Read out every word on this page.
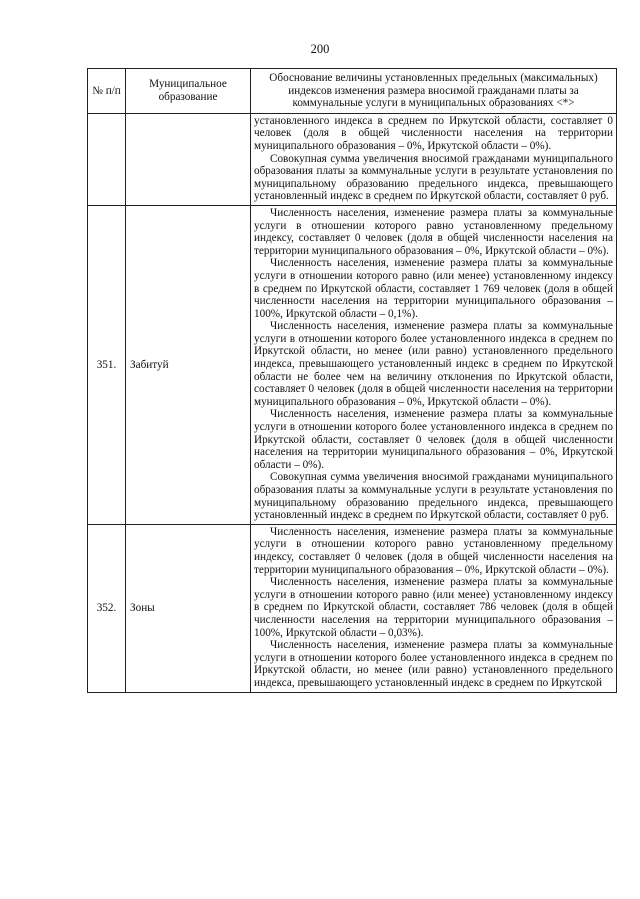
200
№ п/п	Муниципальное образование	Обоснование величины установленных предельных (максимальных) индексов изменения размера вносимой гражданами платы за коммунальные услуги в муниципальных образованиях <*>

		установленного индекса в среднем по Иркутской области, составляет 0 человек (доля в общей численности населения на территории муниципального образования – 0%, Иркутской области – 0%).

Совокупная сумма увеличения вносимой гражданами муниципального образования платы за коммунальные услуги в результате установления по муниципальному образованию предельного индекса, превышающего установленный индекс в среднем по Иркутской области, составляет 0 руб.

351.	Забитуй	Численность населения, изменение размера платы за коммунальные услуги в отношении которого равно установленному предельному индексу, составляет 0 человек (доля в общей численности населения на территории муниципального образования – 0%, Иркутской области – 0%).

Численность населения, изменение размера платы за коммунальные услуги в отношении которого равно (или менее) установленному индексу в среднем по Иркутской области, составляет 1 769 человек (доля в общей численности населения на территории муниципального образования – 100%, Иркутской области – 0,1%).

Численность населения, изменение размера платы за коммунальные услуги в отношении которого более установленного индекса в среднем по Иркутской области, но менее (или равно) установленного предельного индекса, превышающего установленный индекс в среднем по Иркутской области не более чем на величину отклонения по Иркутской области, составляет 0 человек (доля в общей численности населения на территории муниципального образования – 0%, Иркутской области – 0%).

Численность населения, изменение размера платы за коммунальные услуги в отношении которого более установленного индекса в среднем по Иркутской области, составляет 0 человек (доля в общей численности населения на территории муниципального образования – 0%, Иркутской области – 0%).

Совокупная сумма увеличения вносимой гражданами муниципального образования платы за коммунальные услуги в результате установления по муниципальному образованию предельного индекса, превышающего установленный индекс в среднем по Иркутской области, составляет 0 руб.

352.	Зоны	Численность населения, изменение размера платы за коммунальные услуги в отношении которого равно установленному предельному индексу, составляет 0 человек (доля в общей численности населения на территории муниципального образования – 0%, Иркутской области – 0%).

Численность населения, изменение размера платы за коммунальные услуги в отношении которого равно (или менее) установленному индексу в среднем по Иркутской области, составляет 786 человек (доля в общей численности населения на территории муниципального образования – 100%, Иркутской области – 0,03%).

Численность населения, изменение размера платы за коммунальные услуги в отношении которого более установленного индекса в среднем по Иркутской области, но менее (или равно) установленного предельного индекса, превышающего установленный индекс в среднем по Иркутской
